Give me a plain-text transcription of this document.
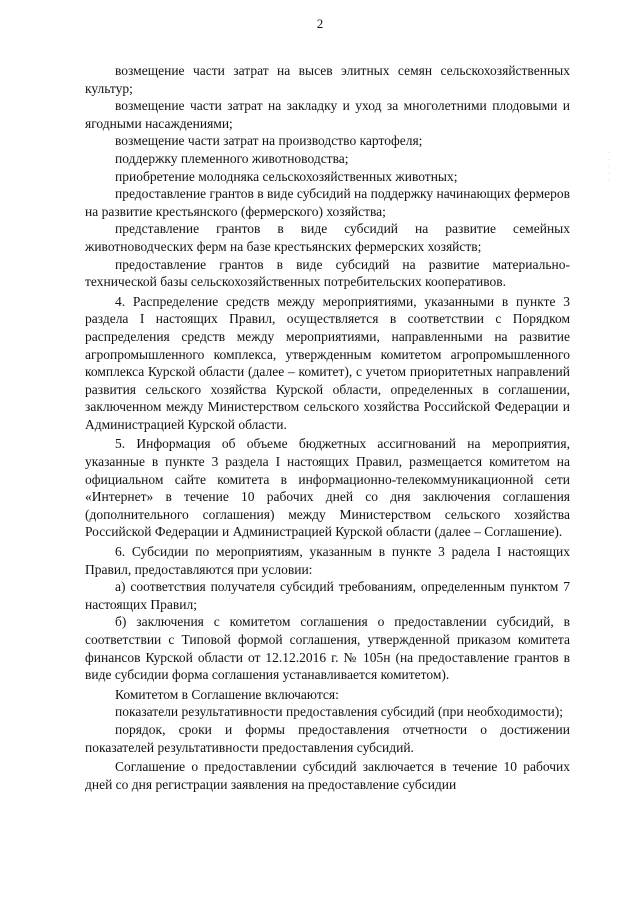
2
·
·
·
·
·

возмещение части затрат на высев элитных семян сельскохозяйственных культур;

возмещение части затрат на закладку и уход за многолетними плодовыми и ягодными насаждениями;

возмещение части затрат на производство картофеля;

поддержку племенного животноводства;

приобретение молодняка сельскохозяйственных животных;

предоставление грантов в виде субсидий на поддержку начинающих фермеров на развитие крестьянского (фермерского) хозяйства;

представление грантов в виде субсидий на развитие семейных животноводческих ферм на базе крестьянских фермерских хозяйств;

предоставление грантов в виде субсидий на развитие материально-технической базы сельскохозяйственных потребительских кооперативов.

4. Распределение средств между мероприятиями, указанными в пункте 3 раздела I настоящих Правил, осуществляется в соответствии с Порядком распределения средств между мероприятиями, направленными на развитие агропромышленного комплекса, утвержденным комитетом агропромышленного комплекса Курской области (далее – комитет), с учетом приоритетных направлений развития сельского хозяйства Курской области, определенных в соглашении, заключенном между Министерством сельского хозяйства Российской Федерации и Администрацией Курской области.

5. Информация об объеме бюджетных ассигнований на мероприятия, указанные в пункте 3 раздела I настоящих Правил, размещается комитетом на официальном сайте комитета в информационно-телекоммуникационной сети «Интернет» в течение 10 рабочих дней со дня заключения соглашения (дополнительного соглашения) между Министерством сельского хозяйства Российской Федерации и Администрацией Курской области (далее – Соглашение).

6. Субсидии по мероприятиям, указанным в пункте 3 радела I настоящих Правил, предоставляются при условии:

а) соответствия получателя субсидий требованиям, определенным пунктом 7 настоящих Правил;

б) заключения с комитетом соглашения о предоставлении субсидий, в соответствии с Типовой формой соглашения, утвержденной приказом комитета финансов Курской области от 12.12.2016 г. № 105н (на предоставление грантов в виде субсидии форма соглашения устанавливается комитетом).

Комитетом в Соглашение включаются:

показатели результативности предоставления субсидий (при необходимости);

порядок, сроки и формы предоставления отчетности о достижении показателей результативности предоставления субсидий.

Соглашение о предоставлении субсидий заключается в течение 10 рабочих дней со дня регистрации заявления на предоставление субсидии
